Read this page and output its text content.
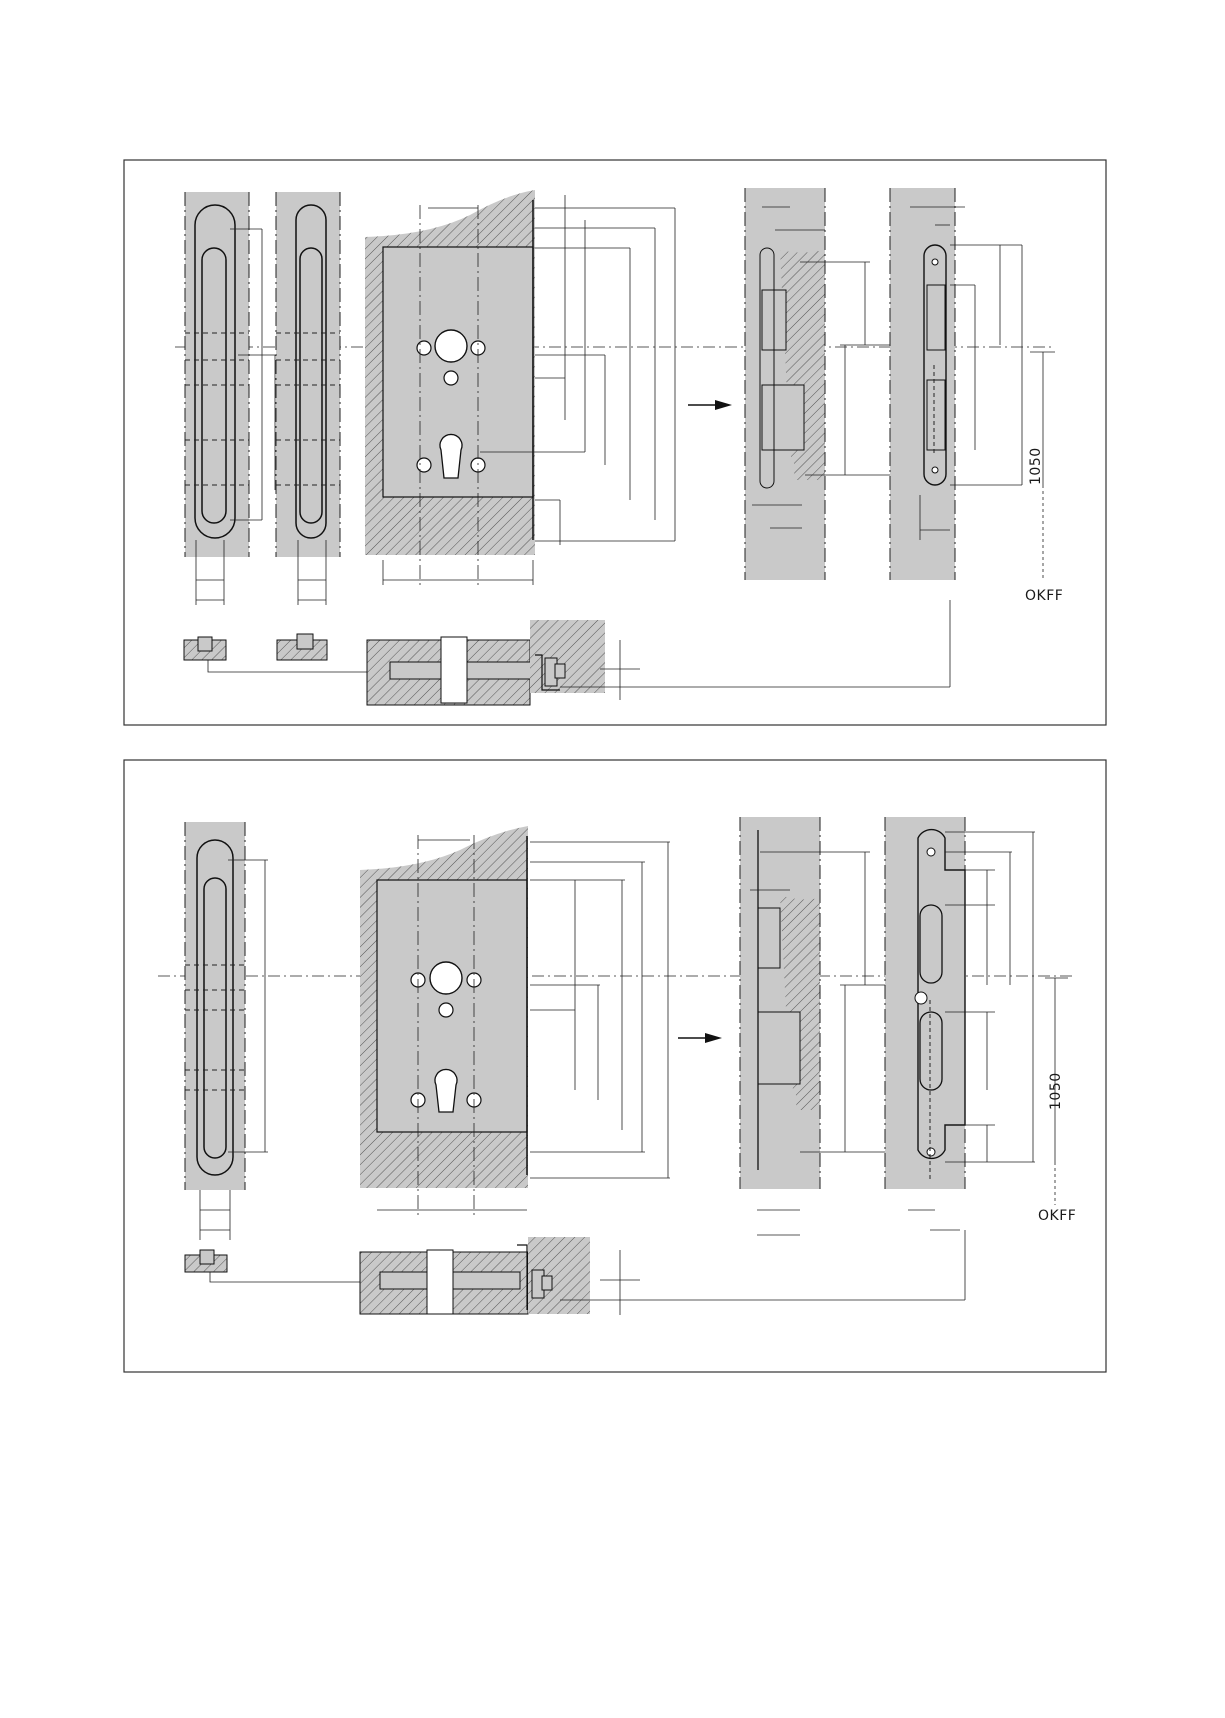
1050
OKFF
1050
OKFF
